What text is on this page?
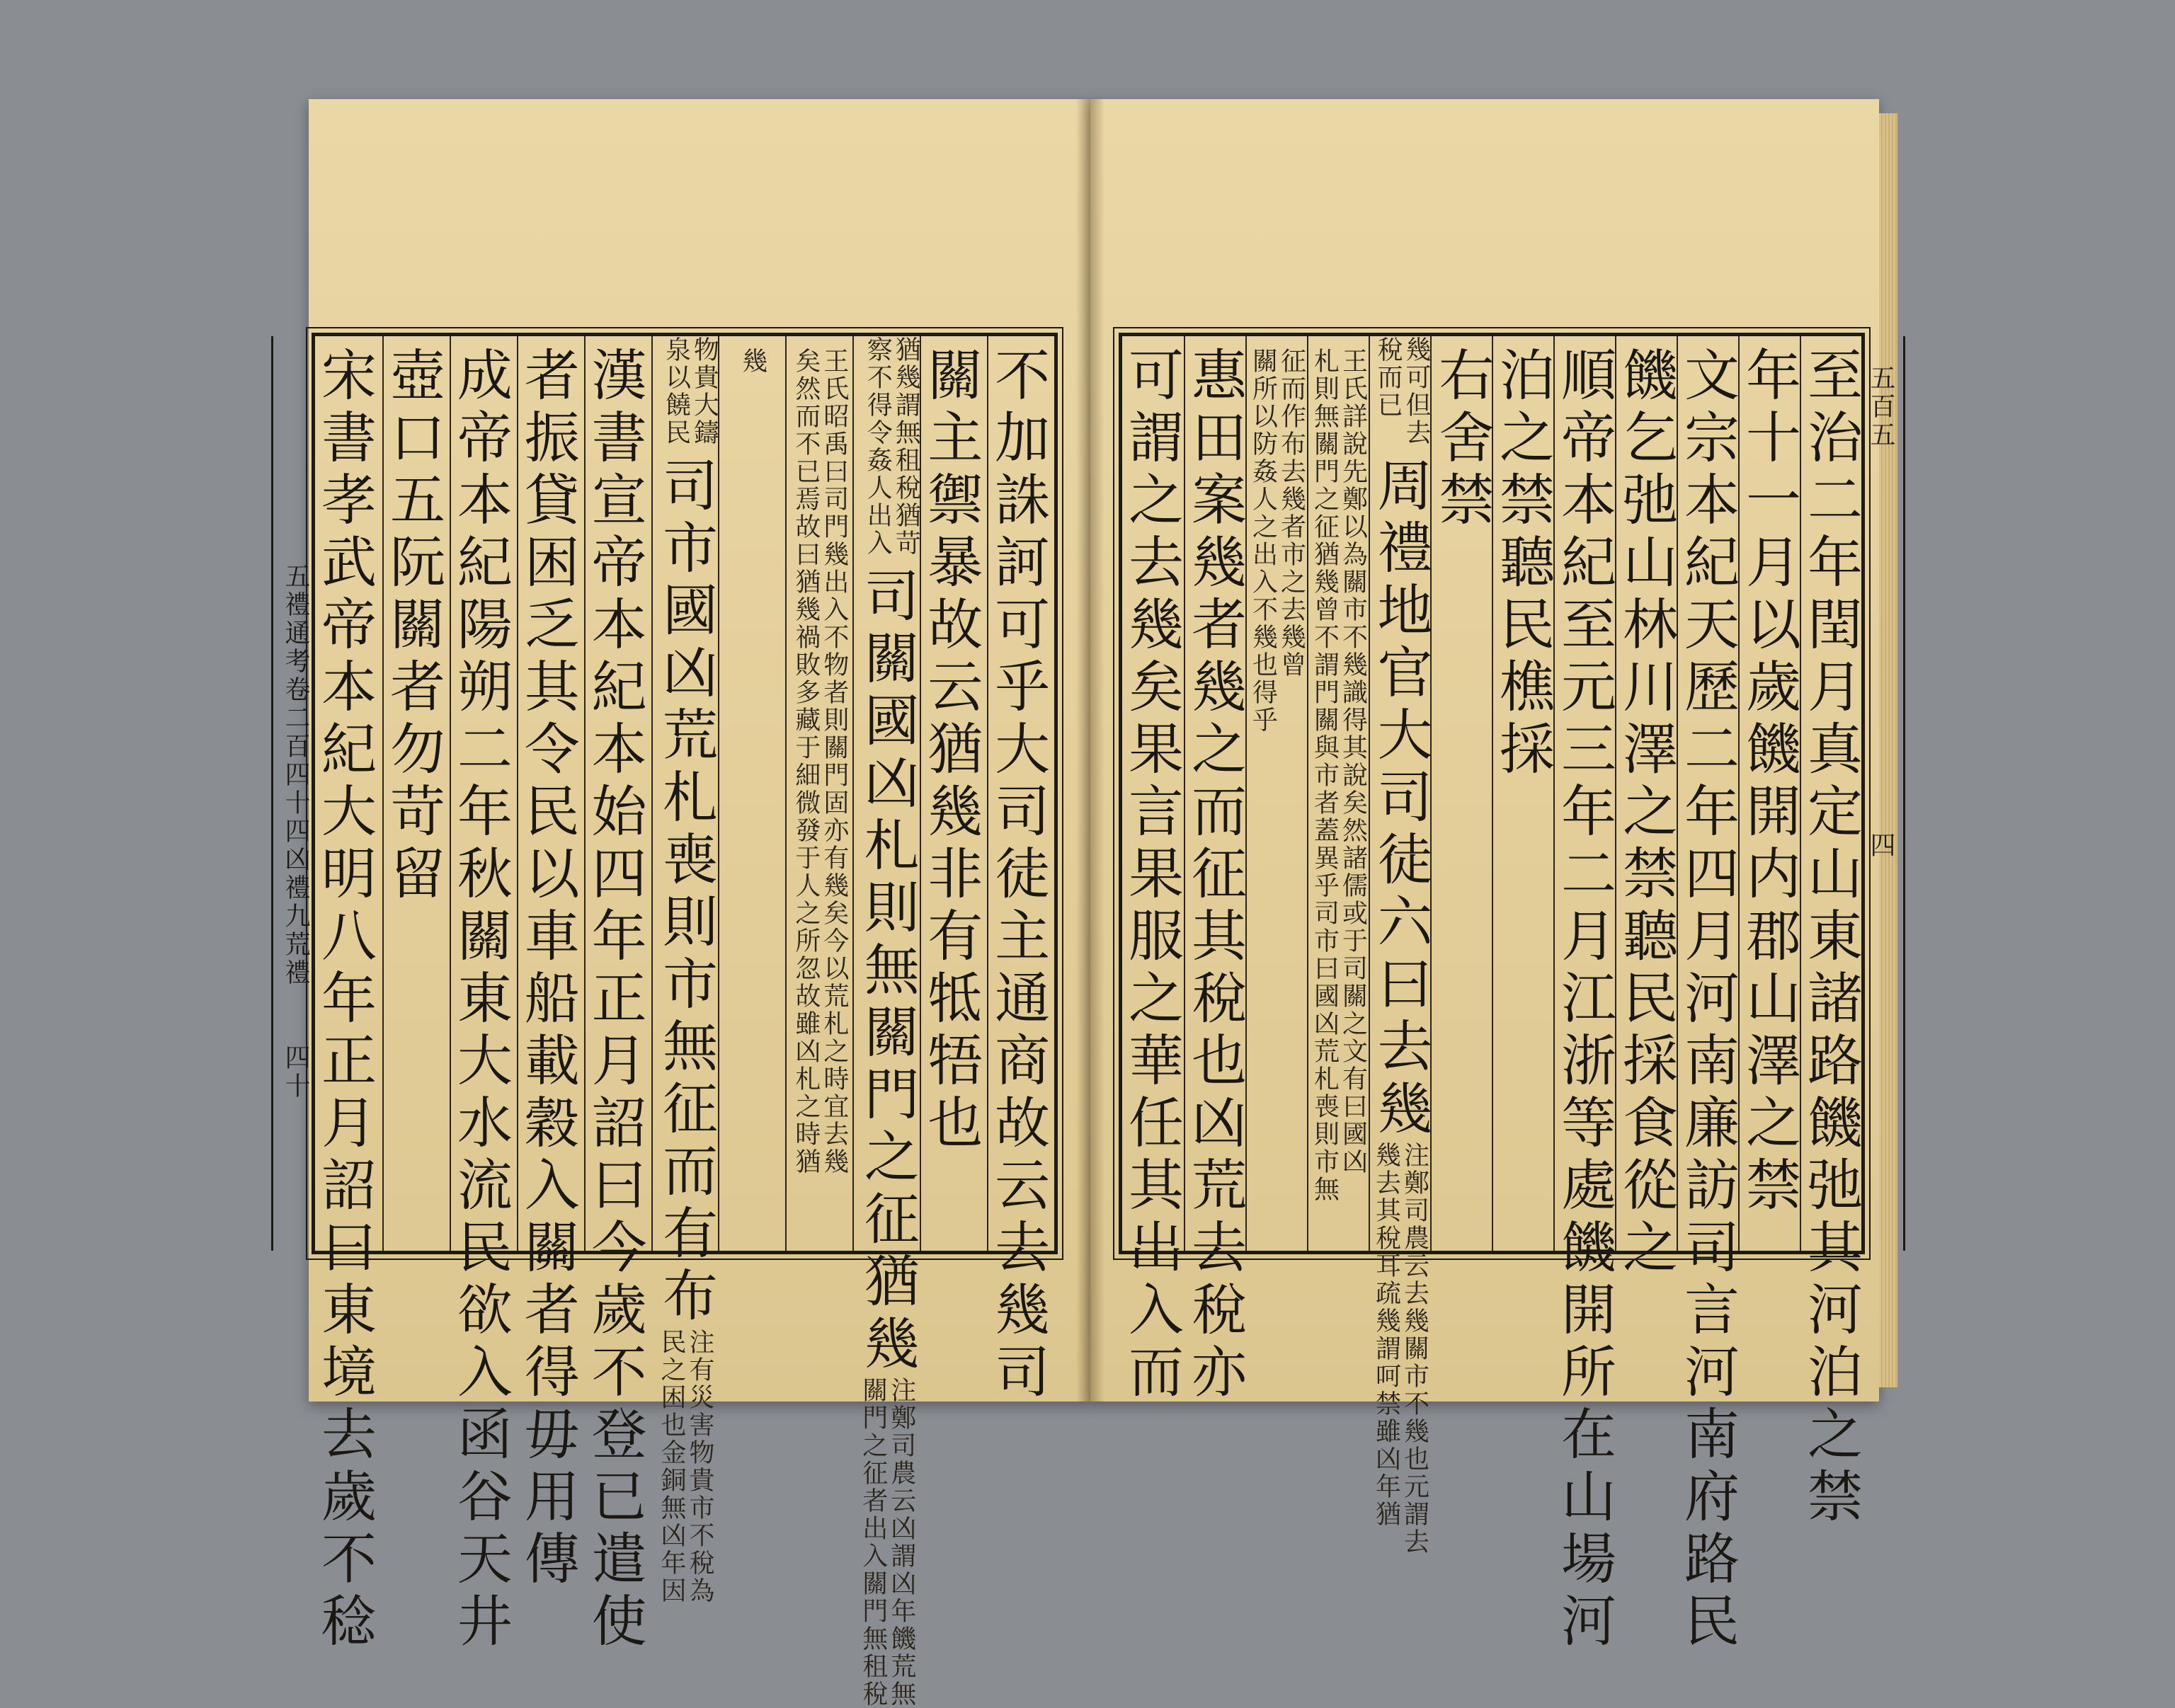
五百五
四
至治二年閏月真定山東諸路饑弛其河泊之禁
年十一月以歲饑開内郡山澤之禁
文宗本紀天歷二年四月河南廉訪司言河南府路民
饑乞弛山林川澤之禁聽民採食從之
順帝本紀至元三年二月江浙等處饑開所在山場河
泊之禁聽民樵採
右舍禁
幾可但去
稅而已
周禮地官大司徒六曰去幾
注鄭司農云去幾關市不幾也元謂去
幾去其稅耳疏幾謂呵禁雖凶年猶
王氏詳說先鄭以為關市不幾識得其說矣然諸儒或于司關之文有曰國凶
札則無關門之征猶幾曾不謂門關與市者蓋異乎司市曰國凶荒札喪則市無
征而作布去幾者市之去幾曾
關所以防姦人之出入不幾也得乎
惠田案幾者幾之而征其稅也凶荒去稅亦
可謂之去幾矣果言果服之華任其出入而
五禮通考卷二百四十四凶禮九荒禮
四十	不加誅訶可乎大司徒主通商故云去幾司
關主禦暴故云猶幾非有牴牾也
猶幾謂無租稅猶苛
察不得令姦人出入
司關國凶札則無關門之征猶幾
注鄭司農云凶謂凶年饑荒無
關門之征者出入關門無租稅
王氏昭禹曰司門幾出入不物者則關門固亦有幾矣今以荒札之時宜去幾
矣然而不已焉故曰猶幾禍敗多藏于細微發于人之所忽故雖凶札之時猶
幾
物貴大鑄
泉以饒民
司市國凶荒札喪則市無征而有布
注有災害物貴市不稅為
民之困也金銅無凶年因
漢書宣帝本紀本始四年正月詔曰今歲不登已遣使
者振貸困乏其令民以車船載穀入關者得毋用傳
成帝本紀陽朔二年秋關東大水流民欲入函谷天井
壺口五阮關者勿苛留
宋書孝武帝本紀大明八年正月詔曰東境去歲不稔
